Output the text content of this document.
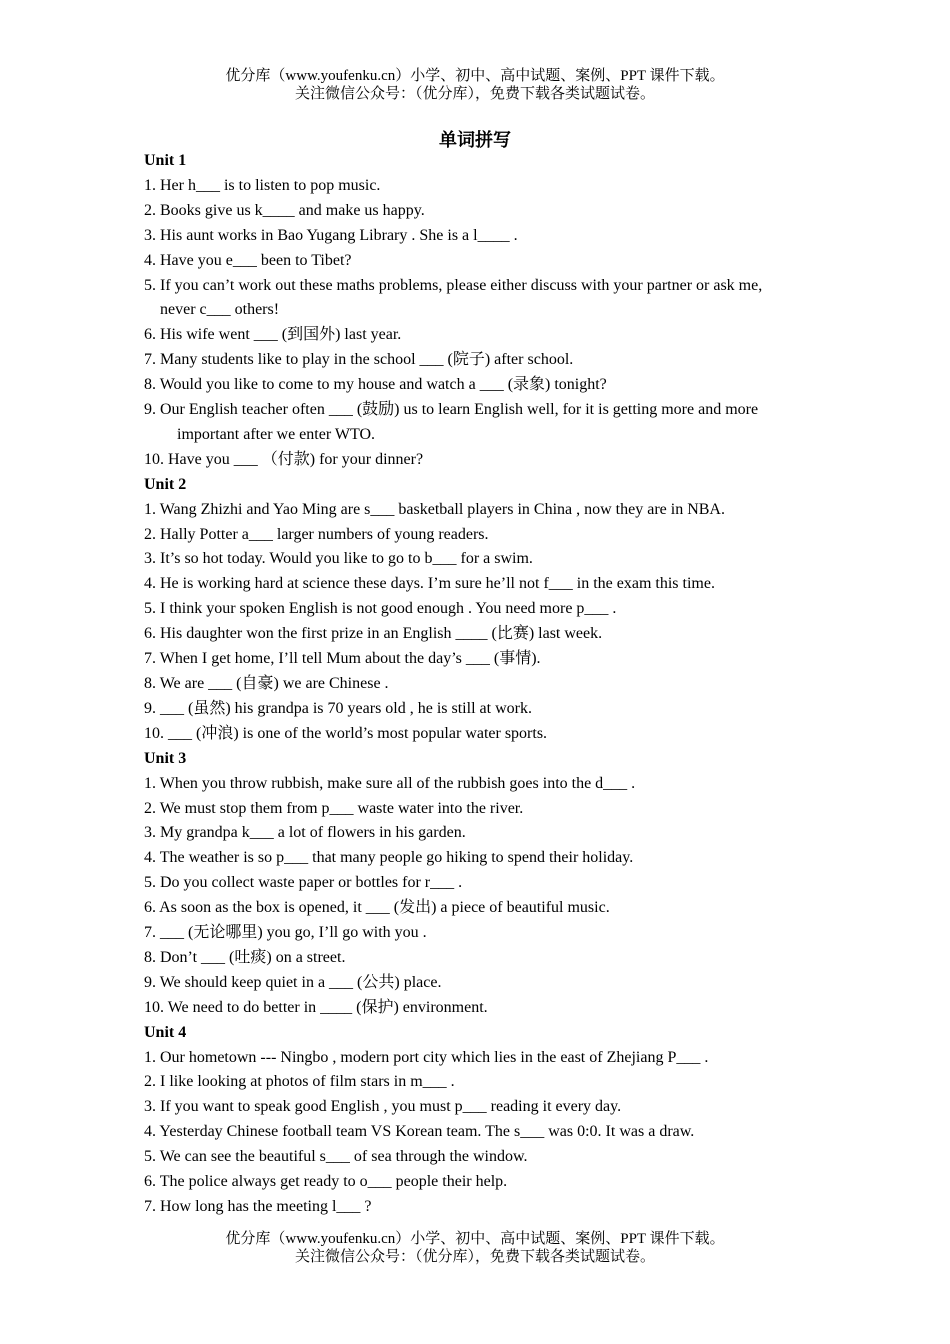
优分库（www.youfenku.cn）小学、初中、高中试题、案例、PPT 课件下载。
关注微信公众号：（优分库），免费下载各类试题试卷。
单词拼写
Unit 1
1. Her h___ is to listen to pop music.
2. Books give us k____ and make us happy.
3. His aunt works in Bao Yugang Library . She is a l____ .
4. Have you e___ been to Tibet?
5. If you can’t work out these maths problems, please either discuss with your partner or ask me,
never c___ others!
6. His wife went ___ (到国外) last year.
7. Many students like to play in the school ___ (院子) after school.
8. Would you like to come to my house and watch a ___ (录象) tonight?
9. Our English teacher often ___ (鼓励) us to learn English well, for it is getting more and more
important after we enter WTO.
10. Have you ___ （付款) for your dinner?
Unit 2
1. Wang Zhizhi and Yao Ming are s___ basketball players in China , now they are in NBA.
2. Hally Potter a___ larger numbers of young readers.
3. It’s so hot today. Would you like to go to b___ for a swim.
4. He is working hard at science these days. I’m sure he’ll not f___ in the exam this time.
5. I think your spoken English is not good enough . You need more p___ .
6. His daughter won the first prize in an English ____ (比赛) last week.
7. When I get home, I’ll tell Mum about the day’s ___ (事情).
8. We are ___ (自豪) we are Chinese .
9. ___ (虽然) his grandpa is 70 years old , he is still at work.
10. ___ (冲浪) is one of the world’s most popular water sports.
Unit 3
1. When you throw rubbish, make sure all of the rubbish goes into the d___ .
2. We must stop them from p___ waste water into the river.
3. My grandpa k___ a lot of flowers in his garden.
4. The weather is so p___ that many people go hiking to spend their holiday.
5. Do you collect waste paper or bottles for r___ .
6. As soon as the box is opened, it ___ (发出) a piece of beautiful music.
7. ___ (无论哪里) you go, I’ll go with you .
8. Don’t ___ (吐痰) on a street.
9. We should keep quiet in a ___ (公共) place.
10. We need to do better in ____ (保护) environment.
Unit 4
1. Our hometown --- Ningbo , modern port city which lies in the east of Zhejiang P___ .
2. I like looking at photos of film stars in m___ .
3. If you want to speak good English , you must p___ reading it every day.
4. Yesterday Chinese football team VS Korean team. The s___ was 0:0. It was a draw.
5. We can see the beautiful s___ of sea through the window.
6. The police always get ready to o___ people their help.
7. How long has the meeting l___ ?
优分库（www.youfenku.cn）小学、初中、高中试题、案例、PPT 课件下载。
关注微信公众号：（优分库），免费下载各类试题试卷。
